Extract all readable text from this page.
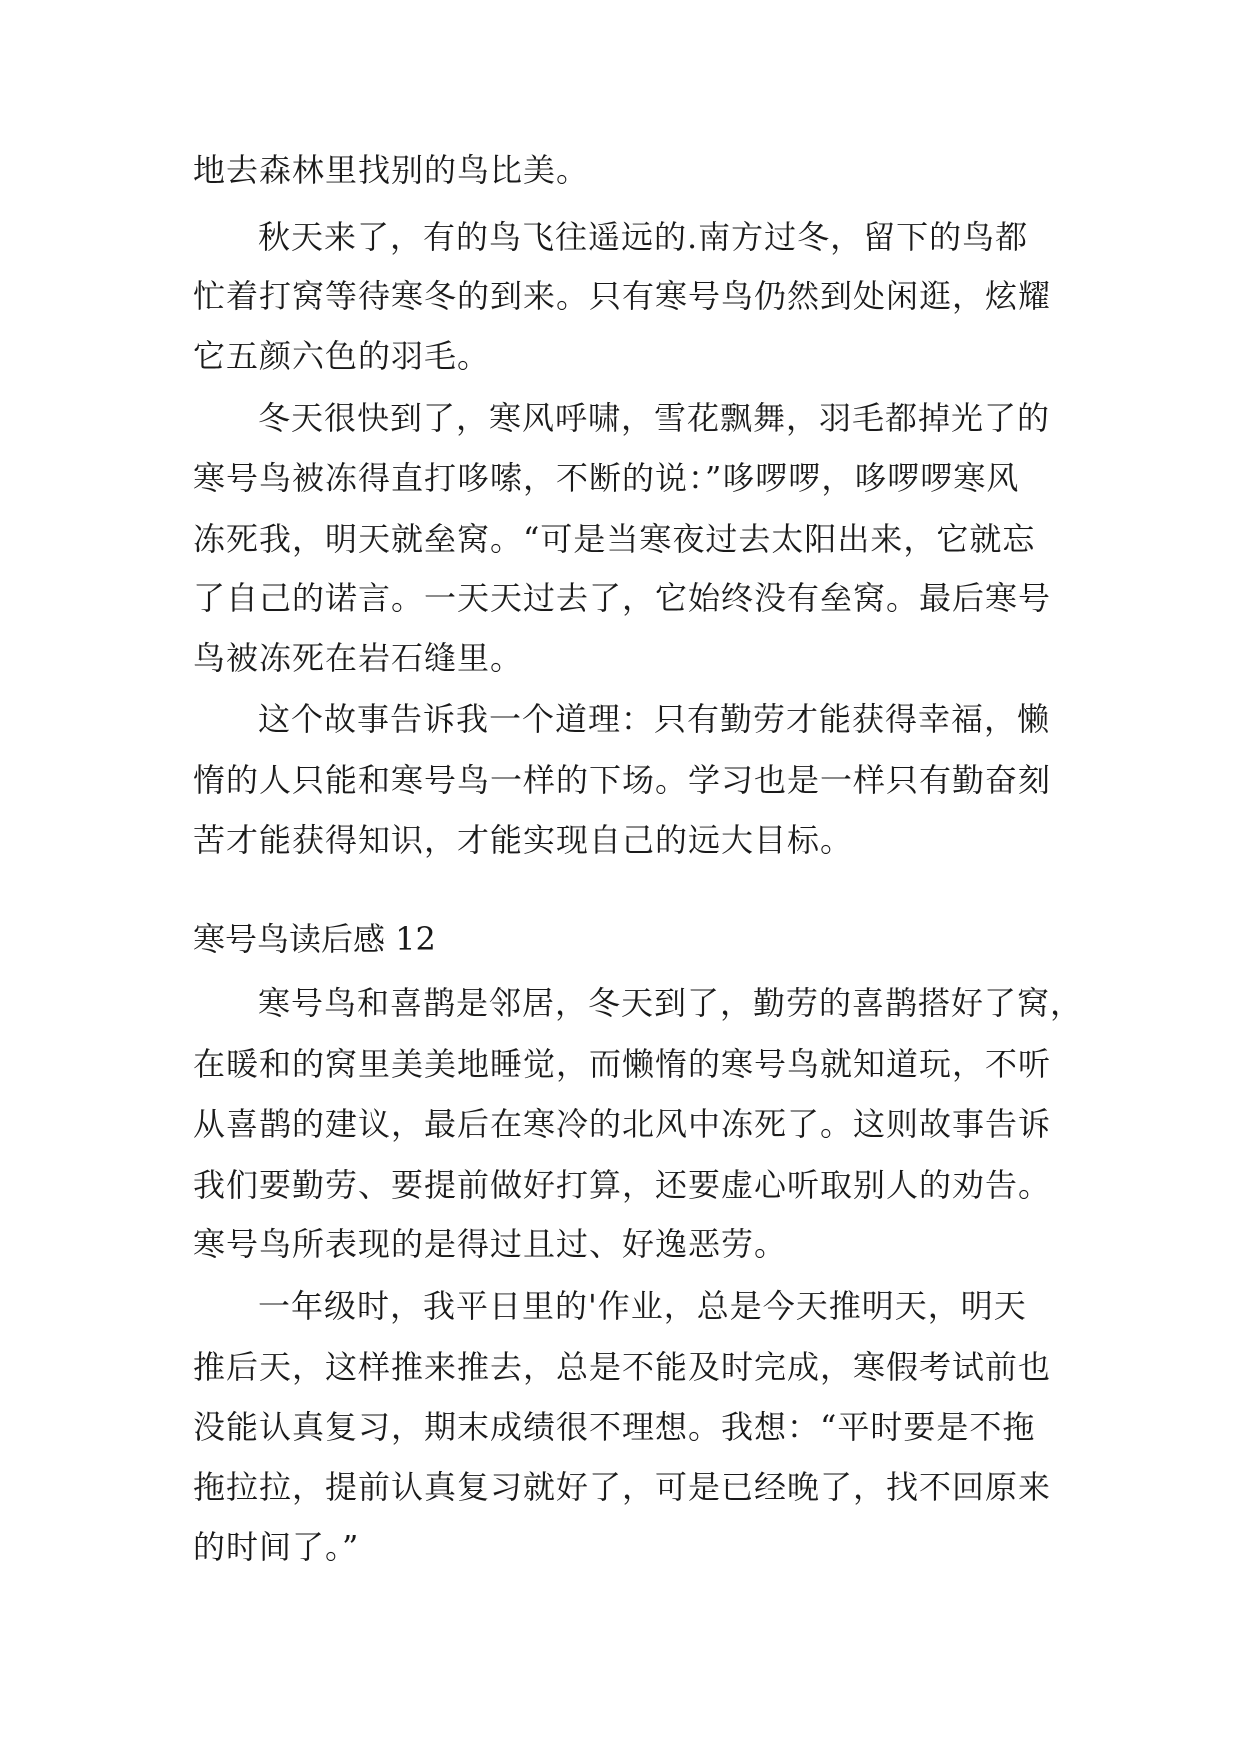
地去森林里找别的鸟比美。
秋天来了，有的鸟飞往遥远的.南方过冬，留下的鸟都
忙着打窝等待寒冬的到来。只有寒号鸟仍然到处闲逛，炫耀
它五颜六色的羽毛。
冬天很快到了，寒风呼啸，雪花飘舞，羽毛都掉光了的
寒号鸟被冻得直打哆嗦，不断的说：”哆啰啰，哆啰啰寒风
冻死我，明天就垒窝。“可是当寒夜过去太阳出来，它就忘
了自己的诺言。一天天过去了，它始终没有垒窝。最后寒号
鸟被冻死在岩石缝里。
这个故事告诉我一个道理：只有勤劳才能获得幸福，懒
惰的人只能和寒号鸟一样的下场。学习也是一样只有勤奋刻
苦才能获得知识，才能实现自己的远大目标。
寒号鸟读后感 12
寒号鸟和喜鹊是邻居，冬天到了，勤劳的喜鹊搭好了窝，
在暖和的窝里美美地睡觉，而懒惰的寒号鸟就知道玩，不听
从喜鹊的建议，最后在寒冷的北风中冻死了。这则故事告诉
我们要勤劳、要提前做好打算，还要虚心听取别人的劝告。
寒号鸟所表现的是得过且过、好逸恶劳。
一年级时，我平日里的'作业，总是今天推明天，明天
推后天，这样推来推去，总是不能及时完成，寒假考试前也
没能认真复习，期末成绩很不理想。我想：“平时要是不拖
拖拉拉，提前认真复习就好了，可是已经晚了，找不回原来
的时间了。”
